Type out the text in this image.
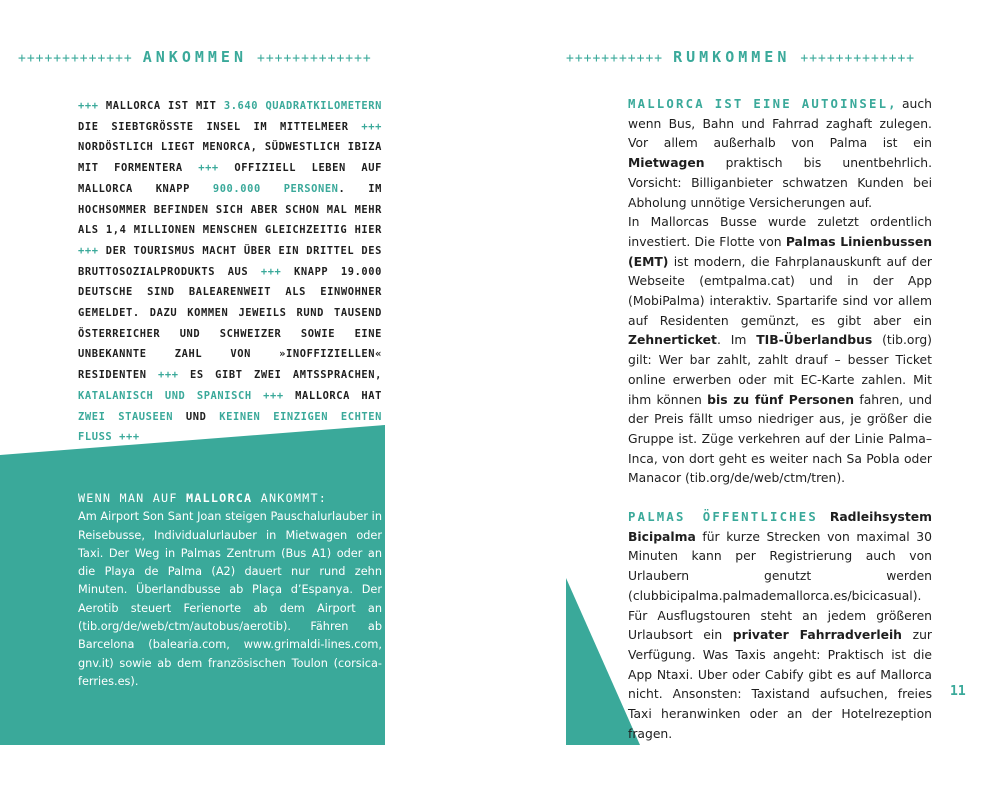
+++++++++++++ ANKOMMEN +++++++++++++	+++++++++++ RUMKOMMEN +++++++++++++
+++ MALLORCA IST MIT 3.640 QUADRATKILOMETERN DIE SIEBTGRÖSSTE INSEL IM MITTELMEER +++ NORDÖSTLICH LIEGT MENORCA, SÜDWESTLICH IBIZA MIT FORMENTERA +++ OFFIZIELL LEBEN AUF MALLORCA KNAPP 900.000 PERSONEN. IM HOCHSOMMER BEFINDEN SICH ABER SCHON MAL MEHR ALS 1,4 MILLIONEN MENSCHEN GLEICHZEITIG HIER +++ DER TOURISMUS MACHT ÜBER EIN DRITTEL DES BRUTTOSOZIALPRODUKTS AUS +++ KNAPP 19.000 DEUTSCHE SIND BALEARENWEIT ALS EINWOHNER GEMELDET. DAZU KOMMEN JEWEILS RUND TAUSEND ÖSTERREICHER UND SCHWEIZER SOWIE EINE UNBEKANNTE ZAHL VON »INOFFIZIELLEN« RESIDENTEN +++ ES GIBT ZWEI AMTSSPRACHEN, KATALANISCH UND SPANISCH +++ MALLORCA HAT ZWEI STAUSEEN UND KEINEN EINZIGEN ECHTEN FLUSS +++
WENN MAN AUF MALLORCA ANKOMMT:
Am Airport Son Sant Joan steigen Pauschalurlauber in Reisebusse, Individualurlauber in Mietwagen oder Taxi. Der Weg in Palmas Zentrum (Bus A1) oder an die Playa de Palma (A2) dauert nur rund zehn Minuten. Überlandbusse ab Plaça d’Espanya. Der Aerotib steuert Ferienorte ab dem Airport an (tib.org/de/web/ctm/autobus/aerotib). Fähren ab Barcelona (balearia.com, www.grimaldi-lines.com, gnv.it) sowie ab dem französischen Toulon (corsica-ferries.es).

MALLORCA IST EINE AUTOINSEL, auch wenn Bus, Bahn und Fahrrad zaghaft zulegen. Vor allem außerhalb von Palma ist ein Mietwagen praktisch bis unentbehrlich. Vorsicht: Billiganbieter schwatzen Kunden bei Abholung unnötige Versicherungen auf.

In Mallorcas Busse wurde zuletzt ordentlich investiert. Die Flotte von Palmas Linienbussen (EMT) ist modern, die Fahrplanauskunft auf der Webseite (emtpalma.cat) und in der App (MobiPalma) interaktiv. Spartarife sind vor allem auf Residenten gemünzt, es gibt aber ein Zehnerticket. Im TIB-Überlandbus (tib.org) gilt: Wer bar zahlt, zahlt drauf – besser Ticket online erwerben oder mit EC-Karte zahlen. Mit ihm können bis zu fünf Personen fahren, und der Preis fällt umso niedriger aus, je größer die Gruppe ist. Züge verkehren auf der Linie Palma–Inca, von dort geht es weiter nach Sa Pobla oder Manacor (tib.org/de/web/ctm/tren).

PALMAS ÖFFENTLICHES Radleihsystem Bicipalma für kurze Strecken von maximal 30 Minuten kann per Registrierung auch von Urlaubern genutzt werden (clubbicipalma.palmademallorca.es/bicicasual). Für Ausflugstouren steht an jedem größeren Urlaubsort ein privater Fahrradverleih zur Verfügung. Was Taxis angeht: Praktisch ist die App Ntaxi. Uber oder Cabify gibt es auf Mallorca nicht. Ansonsten: Taxistand aufsuchen, freies Taxi heranwinken oder an der Hotelrezeption fragen.

11
